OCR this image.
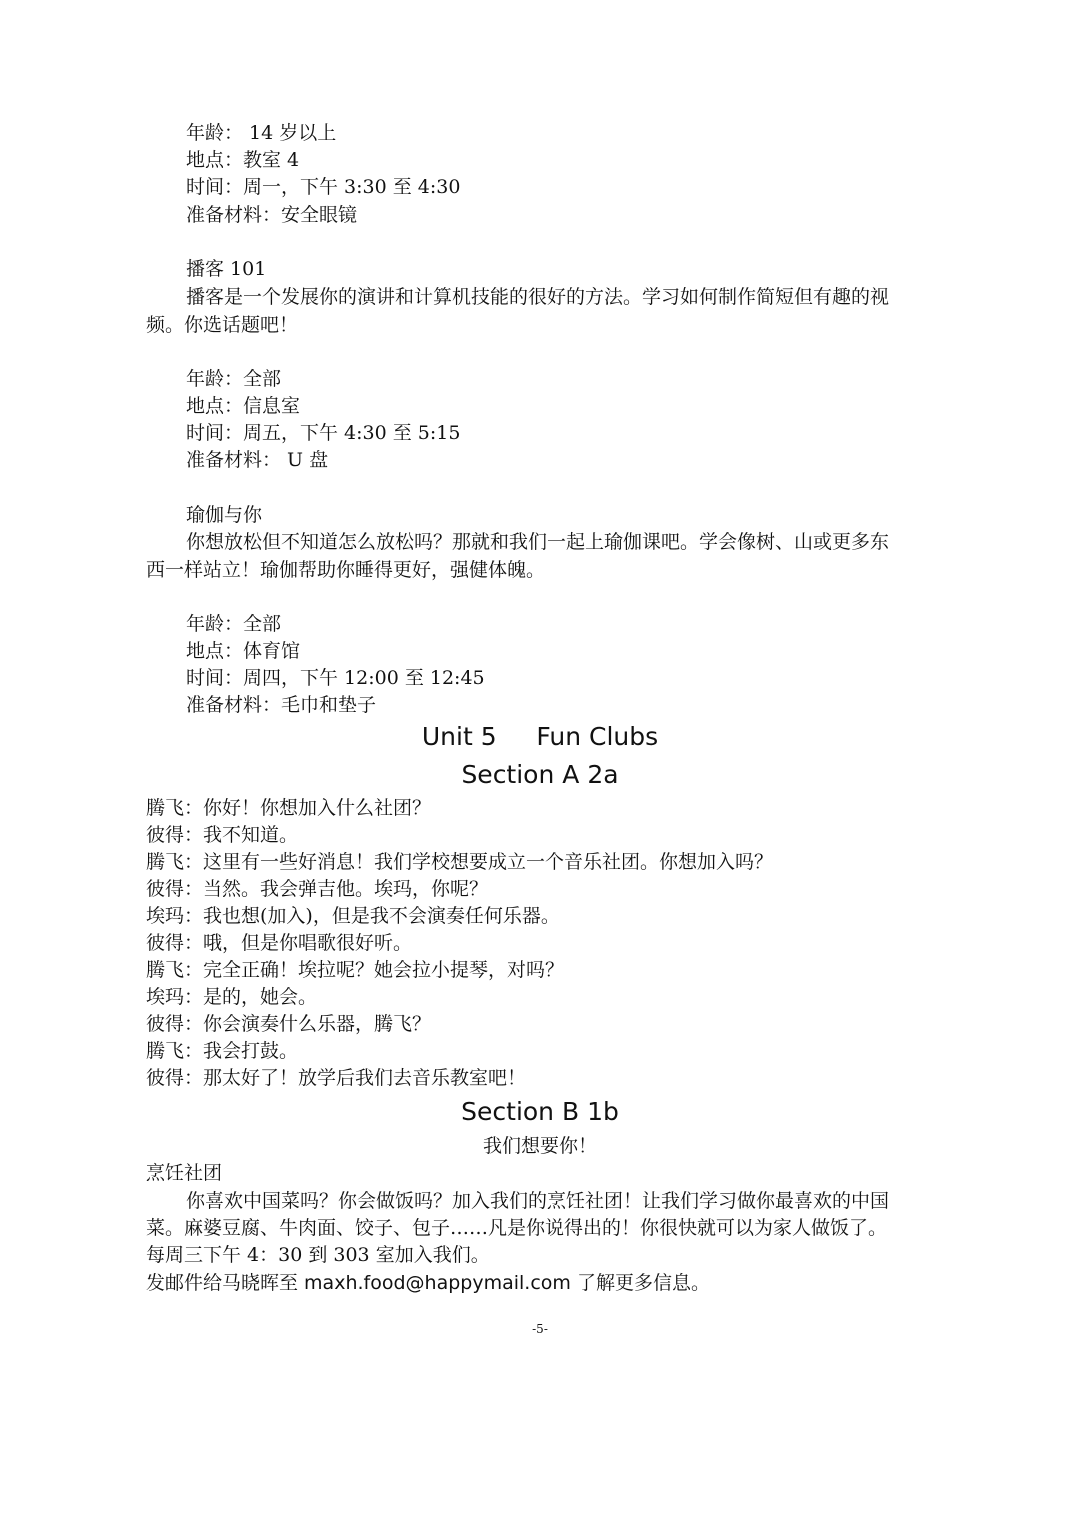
年龄： 14 岁以上
地点：教室 4
时间：周一，下午 3:30 至 4:30
准备材料：安全眼镜
播客 101
播客是一个发展你的演讲和计算机技能的很好的方法。学习如何制作简短但有趣的视
频。你选话题吧！
年龄：全部
地点：信息室
时间：周五，下午 4:30 至 5:15
准备材料： U 盘
瑜伽与你
你想放松但不知道怎么放松吗？那就和我们一起上瑜伽课吧。学会像树、山或更多东
西一样站立！瑜伽帮助你睡得更好，强健体魄。
年龄：全部
地点：体育馆
时间：周四，下午 12:00 至 12:45
准备材料：毛巾和垫子
Unit 5     Fun Clubs
Section A 2a
腾飞：你好！你想加入什么社团？
彼得：我不知道。
腾飞：这里有一些好消息！我们学校想要成立一个音乐社团。你想加入吗？
彼得：当然。我会弹吉他。埃玛，你呢？
埃玛：我也想(加入)，但是我不会演奏任何乐器。
彼得：哦，但是你唱歌很好听。
腾飞：完全正确！埃拉呢？她会拉小提琴，对吗？
埃玛：是的，她会。
彼得：你会演奏什么乐器，腾飞？
腾飞：我会打鼓。
彼得：那太好了！放学后我们去音乐教室吧！
Section B 1b
我们想要你！
烹饪社团
你喜欢中国菜吗？你会做饭吗？加入我们的烹饪社团！让我们学习做你最喜欢的中国
菜。麻婆豆腐、牛肉面、饺子、包子……凡是你说得出的！你很快就可以为家人做饭了。
每周三下午 4：30 到 303 室加入我们。
发邮件给马晓晖至 maxh.food@happymail.com 了解更多信息。
-5-
